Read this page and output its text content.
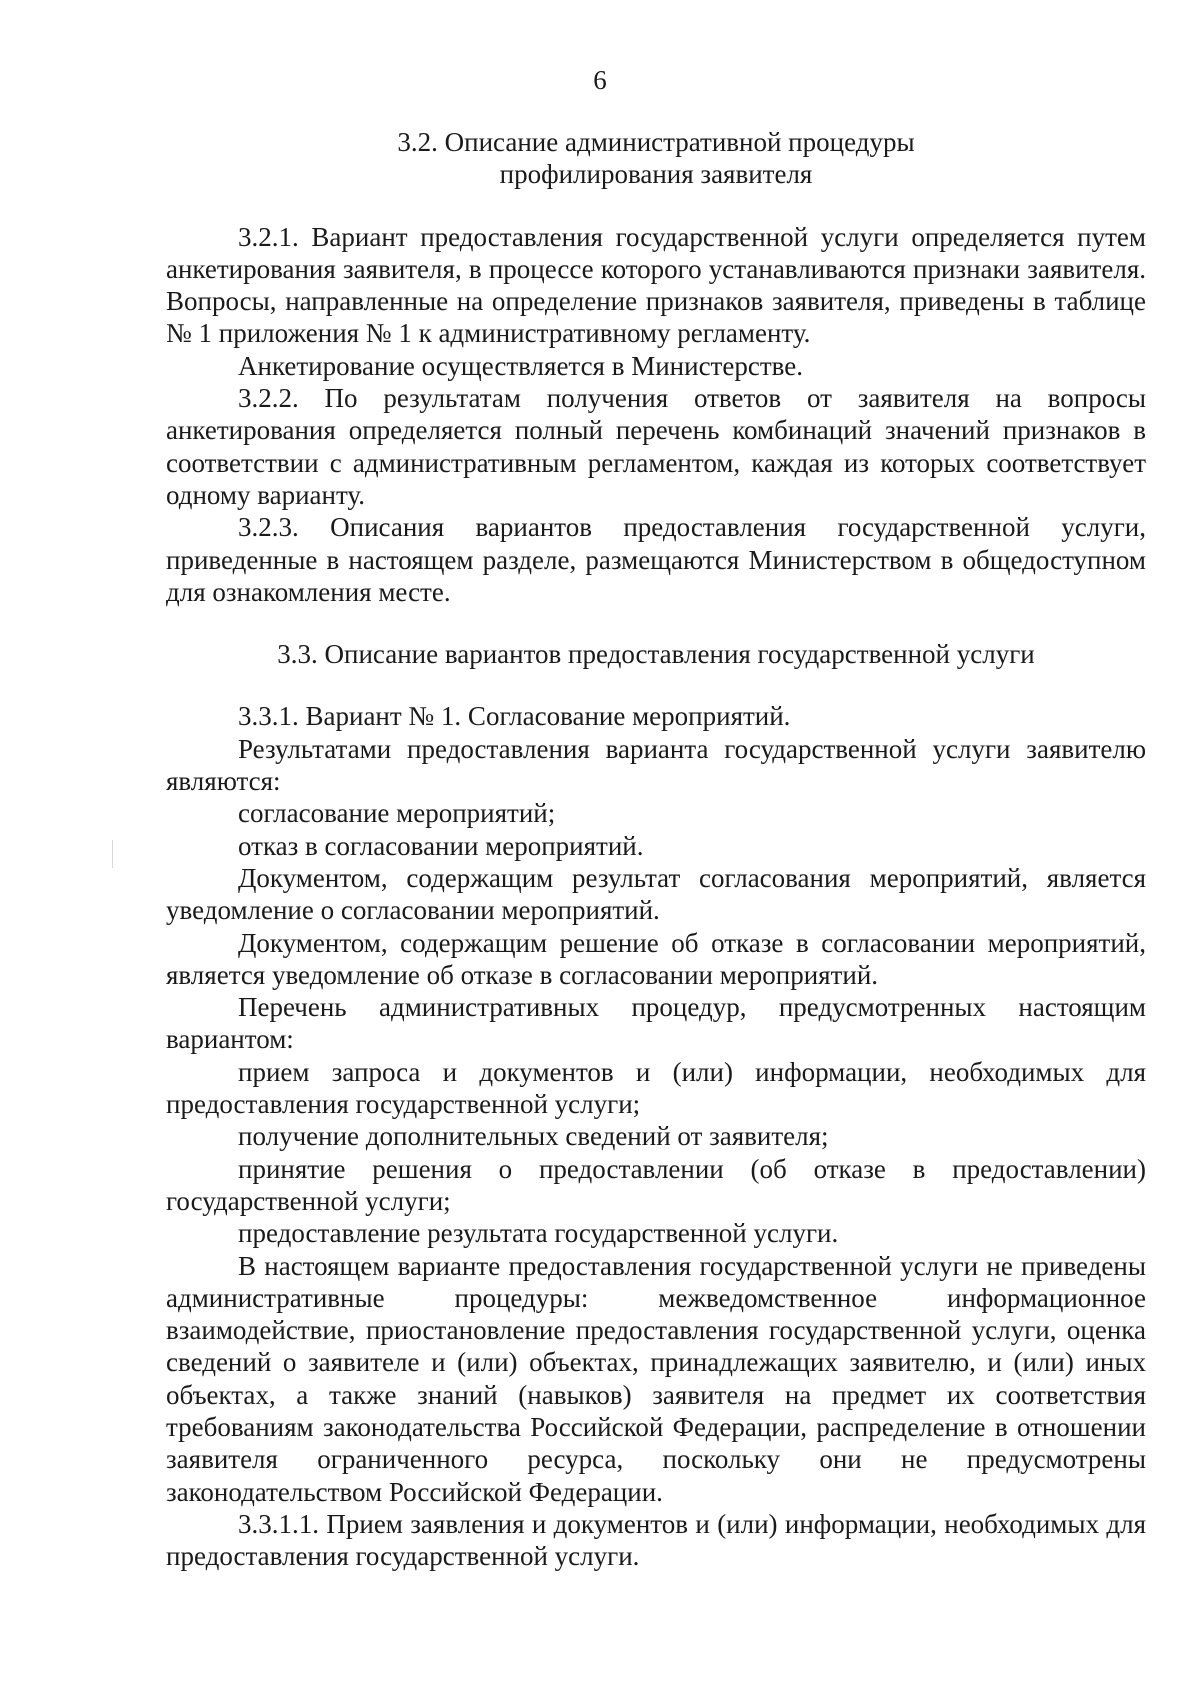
6
3.2. Описание административной процедуры
профилирования заявителя

3.2.1. Вариант предоставления государственной услуги определяется путем анкетирования заявителя, в процессе которого устанавливаются признаки заявителя. Вопросы, направленные на определение признаков заявителя, приведены в таблице № 1 приложения № 1 к административному регламенту.

Анкетирование осуществляется в Министерстве.

3.2.2. По результатам получения ответов от заявителя на вопросы анкетирования определяется полный перечень комбинаций значений признаков в соответствии с административным регламентом, каждая из которых соответствует одному варианту.

3.2.3. Описания вариантов предоставления государственной услуги, приведенные в настоящем разделе, размещаются Министерством в общедоступном для ознакомления месте.

3.3. Описание вариантов предоставления государственной услуги

3.3.1. Вариант № 1. Согласование мероприятий.

Результатами предоставления варианта государственной услуги заявителю являются:

согласование мероприятий;

отказ в согласовании мероприятий.

Документом, содержащим результат согласования мероприятий, является уведомление о согласовании мероприятий.

Документом, содержащим решение об отказе в согласовании мероприятий, является уведомление об отказе в согласовании мероприятий.

Перечень административных процедур, предусмотренных настоящим вариантом:

прием запроса и документов и (или) информации, необходимых для предоставления государственной услуги;

получение дополнительных сведений от заявителя;

принятие решения о предоставлении (об отказе в предоставлении) государственной услуги;

предоставление результата государственной услуги.

В настоящем варианте предоставления государственной услуги не приведены административные процедуры: межведомственное информационное взаимодействие, приостановление предоставления государственной услуги, оценка сведений о заявителе и (или) объектах, принадлежащих заявителю, и (или) иных объектах, а также знаний (навыков) заявителя на предмет их соответствия требованиям законодательства Российской Федерации, распределение в отношении заявителя ограниченного ресурса, поскольку они не предусмотрены законодательством Российской Федерации.

3.3.1.1. Прием заявления и документов и (или) информации, необходимых для предоставления государственной услуги.
